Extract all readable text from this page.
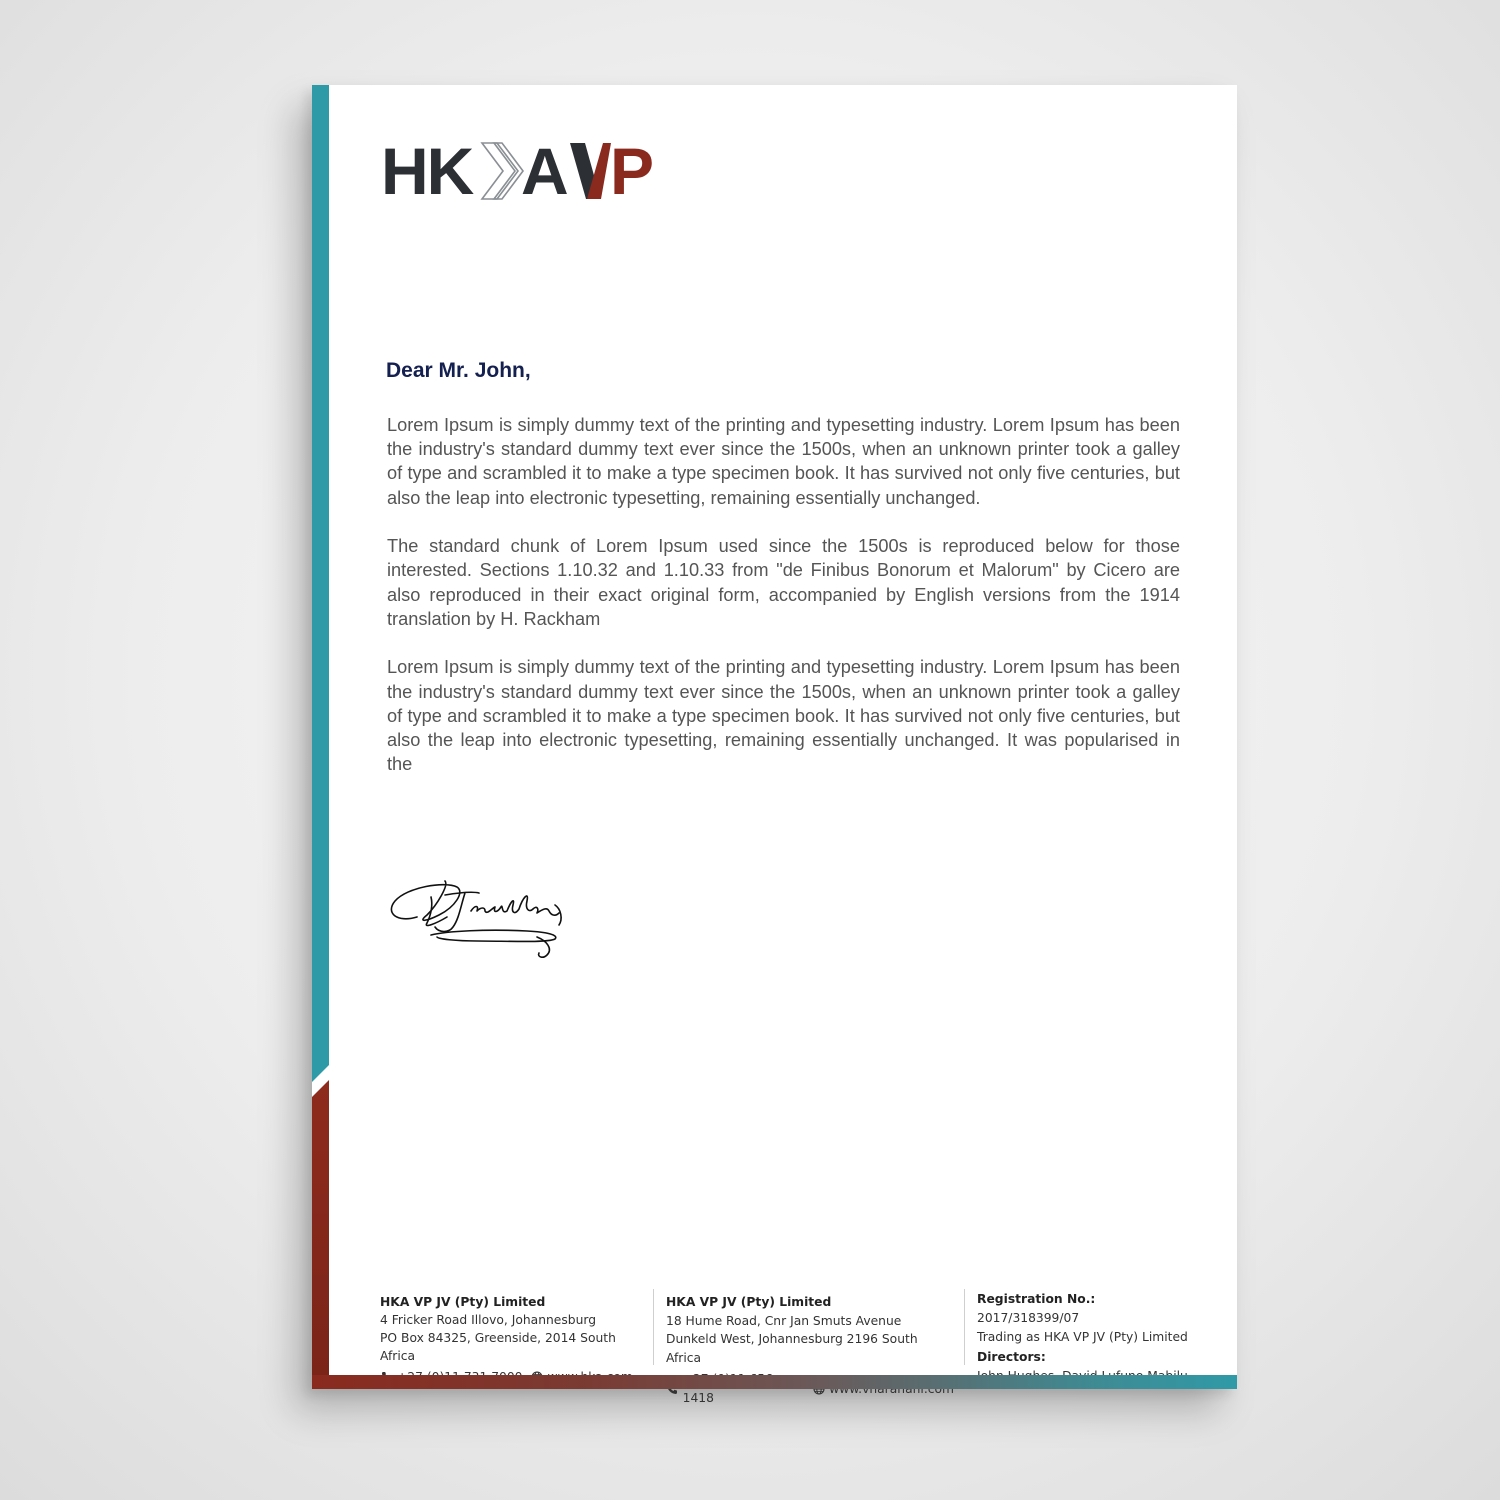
HK A P
Dear Mr. John,

Lorem Ipsum is simply dummy text of the printing and typesetting industry. Lorem Ipsum has been the industry's standard dummy text ever since the 1500s, when an unknown printer took a galley of type and scrambled it to make a type specimen book. It has survived not only five centuries, but also the leap into electronic typesetting, remaining essentially unchanged.

The standard chunk of Lorem Ipsum used since the 1500s is reproduced below for those interested. Sections 1.10.32 and 1.10.33 from "de Finibus Bonorum et Malorum" by Cicero are also reproduced in their exact original form, accompanied by English versions from the 1914 translation by H. Rackham

Lorem Ipsum is simply dummy text of the printing and typesetting industry. Lorem Ipsum has been the industry's standard dummy text ever since the 1500s, when an unknown printer took a galley of type and scrambled it to make a type specimen book. It has survived not only five centuries, but also the leap into electronic typesetting, remaining essentially unchanged. It was popularised in the

HKA VP JV (Pty) Limited
4 Fricker Road Illovo, Johannesburg
PO Box 84325, Greenside, 2014 South Africa
HKA VP JV (Pty) Limited
18 Hume Road, Cnr Jan Smuts Avenue
Dunkeld West, Johannesburg 2196 South Africa
1418
Registration No.: 2017/318399/07
Trading as HKA VP JV (Pty) Limited
Directors:
